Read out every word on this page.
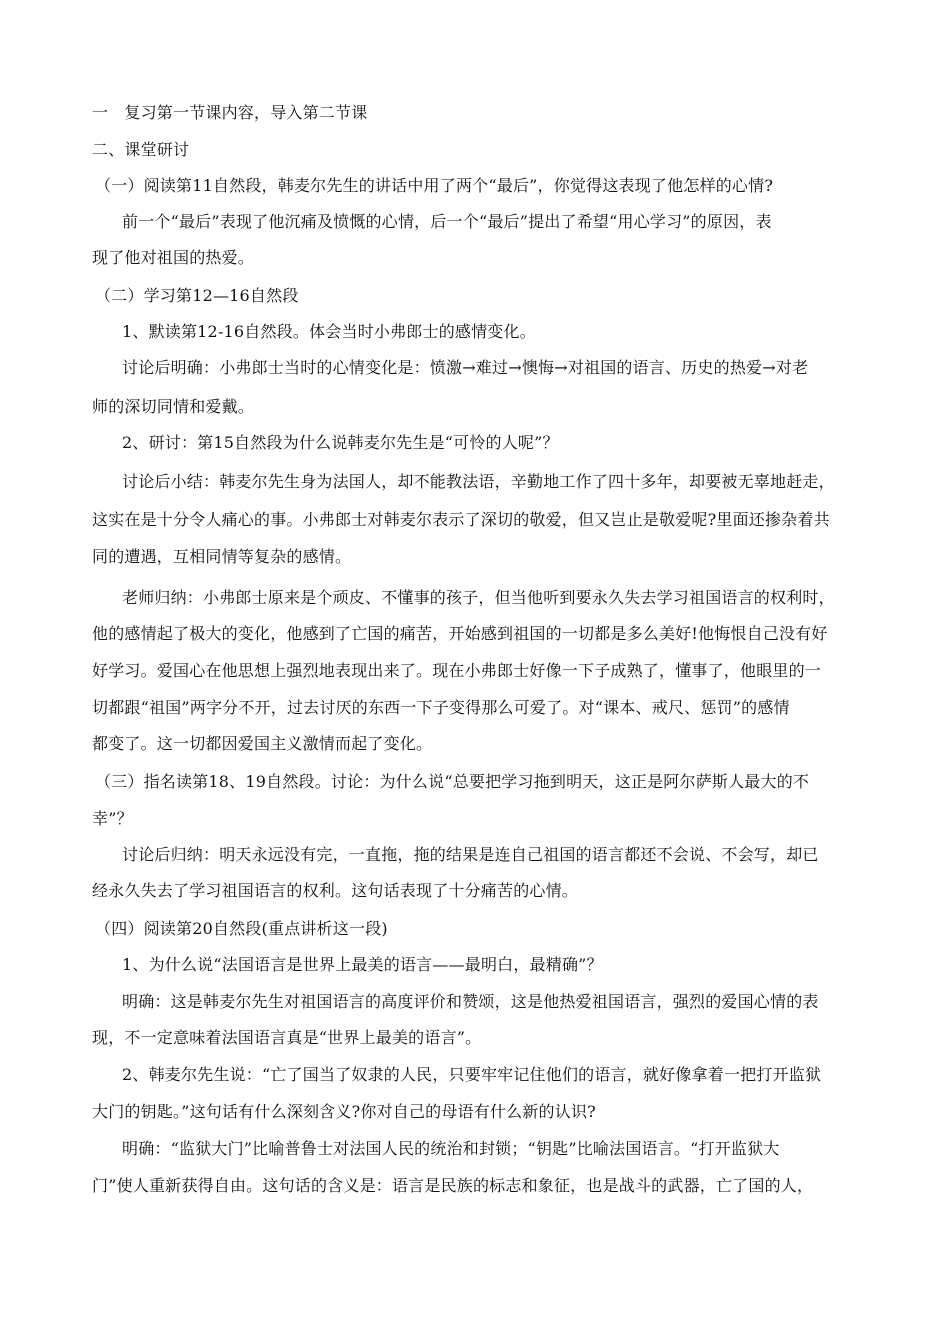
一　复习第一节课内容，导入第二节课
二、课堂研讨
（一）阅读第11自然段，韩麦尔先生的讲话中用了两个“最后”，你觉得这表现了他怎样的心情?
前一个“最后”表现了他沉痛及愤慨的心情，后一个“最后”提出了希望“用心学习”的原因，表
现了他对祖国的热爱。
（二）学习第12—16自然段
1、默读第12-16自然段。体会当时小弗郎士的感情变化。
讨论后明确：小弗郎士当时的心情变化是：愤激→难过→懊悔→对祖国的语言、历史的热爱→对老
师的深切同情和爱戴。
2、研讨：第15自然段为什么说韩麦尔先生是“可怜的人呢”？
讨论后小结：韩麦尔先生身为法国人，却不能教法语，辛勤地工作了四十多年，却要被无辜地赶走，
这实在是十分令人痛心的事。小弗郎士对韩麦尔表示了深切的敬爱，但又岂止是敬爱呢?里面还掺杂着共
同的遭遇，互相同情等复杂的感情。
老师归纳：小弗郎士原来是个顽皮、不懂事的孩子，但当他听到要永久失去学习祖国语言的权利时，
他的感情起了极大的变化，他感到了亡国的痛苦，开始感到祖国的一切都是多么美好!他悔恨自己没有好
好学习。爱国心在他思想上强烈地表现出来了。现在小弗郎士好像一下子成熟了，懂事了，他眼里的一
切都跟“祖国”两字分不开，过去讨厌的东西一下子变得那么可爱了。对“课本、戒尺、惩罚”的感情
都变了。这一切都因爱国主义激情而起了变化。
（三）指名读第18、19自然段。讨论：为什么说“总要把学习拖到明天，这正是阿尔萨斯人最大的不
幸”？
讨论后归纳：明天永远没有完，一直拖，拖的结果是连自己祖国的语言都还不会说、不会写，却已
经永久失去了学习祖国语言的权利。这句话表现了十分痛苦的心情。
（四）阅读第20自然段(重点讲析这一段)
1、为什么说“法国语言是世界上最美的语言——最明白，最精确”？
明确：这是韩麦尔先生对祖国语言的高度评价和赞颂，这是他热爱祖国语言，强烈的爱国心情的表
现，不一定意味着法国语言真是“世界上最美的语言”。
2、韩麦尔先生说：“亡了国当了奴隶的人民，只要牢牢记住他们的语言，就好像拿着一把打开监狱
大门的钥匙。”这句话有什么深刻含义?你对自己的母语有什么新的认识?
明确：“监狱大门”比喻普鲁士对法国人民的统治和封锁；“钥匙”比喻法国语言。“打开监狱大
门”使人重新获得自由。这句话的含义是：语言是民族的标志和象征，也是战斗的武器，亡了国的人，
